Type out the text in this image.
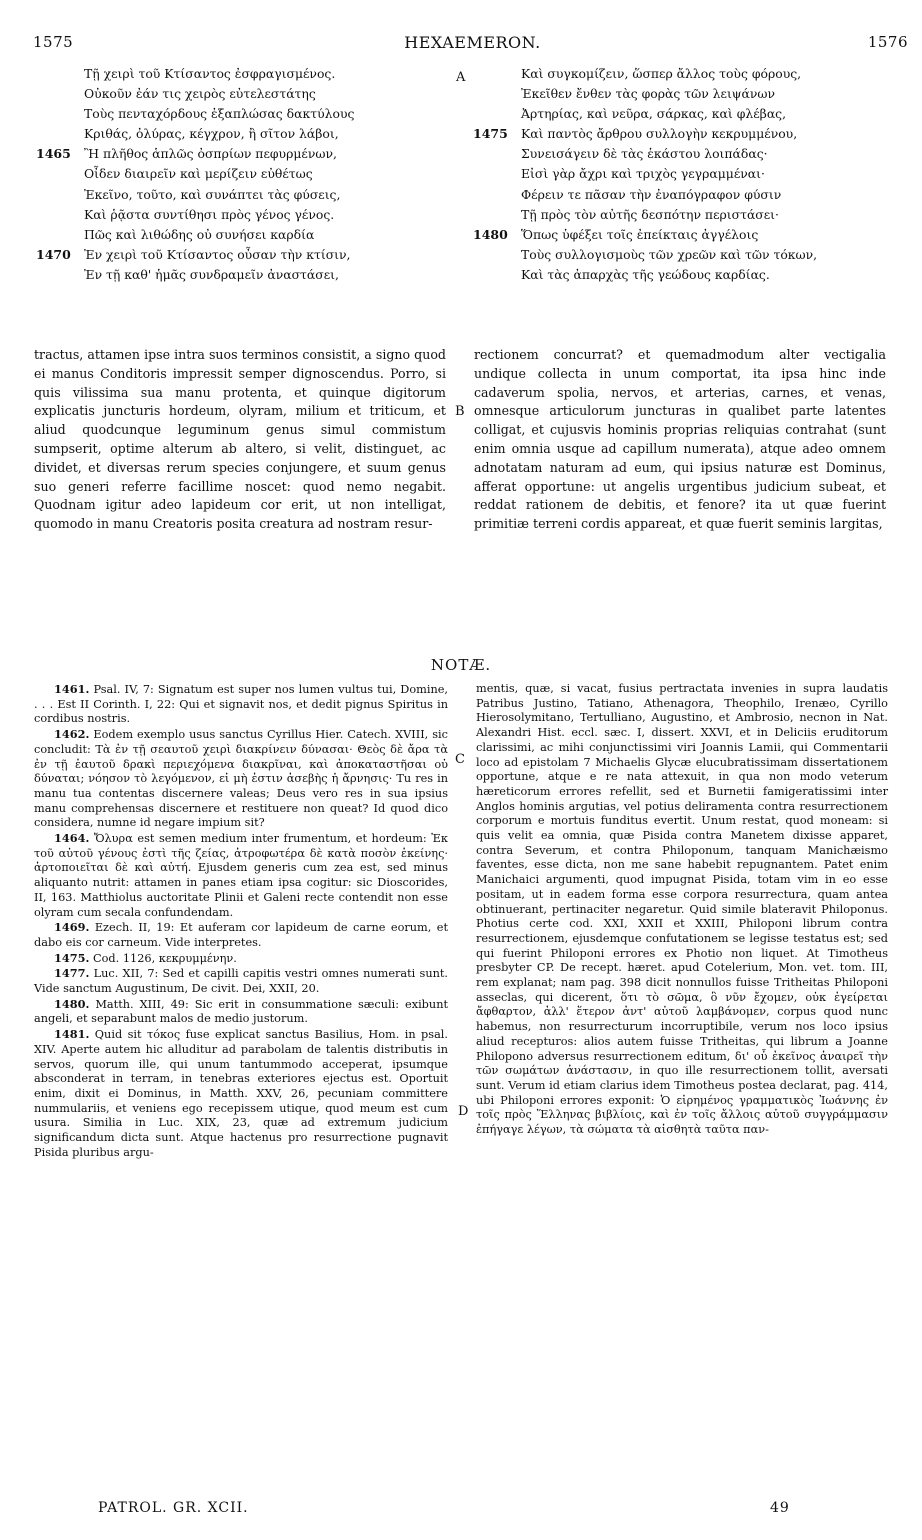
1575	HEXAEMERON.	1576
A
B
C
D
Τῇ χειρὶ τοῦ Κτίσαντος ἐσφραγισμένος.
Οὐκοῦν ἐάν τις χειρὸς εὐτελεστάτης
Τοὺς πενταχόρδους ἐξαπλώσας δακτύλους
Κριθάς, ὀλύρας, κέγχρον, ἢ σῖτον λάβοι,
1465 Ἢ πλῆθος ἁπλῶς ὀσπρίων πεφυρμένων,
Οἶδεν διαιρεῖν καὶ μερίζειν εὐθέτως
Ἐκεῖνο, τοῦτο, καὶ συνάπτει τὰς φύσεις,
Καὶ ῥᾷστα συντίθησι πρὸς γένος γένος.
Πῶς καὶ λιθώδης οὐ συνήσει καρδία
1470 Ἐν χειρὶ τοῦ Κτίσαντος οὖσαν τὴν κτίσιν,
Ἐν τῇ καθ' ἡμᾶς συνδραμεῖν ἀναστάσει,
Καὶ συγκομίζειν, ὥσπερ ἄλλος τοὺς φόρους,
Ἐκεῖθεν ἔνθεν τὰς φορὰς τῶν λειψάνων
Ἀρτηρίας, καὶ νεῦρα, σάρκας, καὶ φλέβας,
1475 Καὶ παντὸς ἄρθρου συλλογὴν κεκρυμμένου,
Συνεισάγειν δὲ τὰς ἑκάστου λοιπάδας·
Εἰσὶ γὰρ ἄχρι καὶ τριχὸς γεγραμμέναι·
Φέρειν τε πᾶσαν τὴν ἐναπόγραφον φύσιν
Τῇ πρὸς τὸν αὐτῆς δεσπότην περιστάσει·
1480 Ὅπως ὑφέξει τοῖς ἐπείκταις ἀγγέλοις
Τοὺς συλλογισμοὺς τῶν χρεῶν καὶ τῶν τόκων,
Καὶ τὰς ἀπαρχὰς τῆς γεώδους καρδίας.

tractus, attamen ipse intra suos terminos consistit, a signo quod ei manus Conditoris impressit semper dignoscendus. Porro, si quis vilissima sua manu protenta, et quinque digitorum explicatis juncturis hordeum, olyram, milium et triticum, et aliud quodcunque leguminum genus simul commistum sumpserit, optime alterum ab altero, si velit, distinguet, ac dividet, et diversas rerum species conjungere, et suum genus suo generi referre facillime noscet: quod nemo negabit. Quodnam igitur adeo lapideum cor erit, ut non intelligat, quomodo in manu Creatoris posita creatura ad nostram resur-

rectionem concurrat? et quemadmodum alter vectigalia undique collecta in unum comportat, ita ipsa hinc inde cadaverum spolia, nervos, et arterias, carnes, et venas, omnesque articulorum juncturas in qualibet parte latentes colligat, et cujusvis hominis proprias reliquias contrahat (sunt enim omnia usque ad capillum numerata), atque adeo omnem adnotatam naturam ad eum, qui ipsius naturæ est Dominus, afferat opportune: ut angelis urgentibus judicium subeat, et reddat rationem de debitis, et fenore? ita ut quæ fuerint primitiæ terreni cordis appareat, et quæ fuerit seminis largitas,

NOTÆ.

1461. Psal. IV, 7: Signatum est super nos lumen vultus tui, Domine, . . . Est II Corinth. I, 22: Qui et signavit nos, et dedit pignus Spiritus in cordibus nostris.

1462. Eodem exemplo usus sanctus Cyrillus Hier. Catech. XVIII, sic concludit: Τὰ ἐν τῇ σεαυτοῦ χειρὶ διακρίνειν δύνασαι· Θεὸς δὲ ἄρα τὰ ἐν τῇ ἑαυτοῦ δρακὶ περιεχόμενα διακρῖναι, καὶ ἀποκαταστῆσαι οὐ δύναται; νόησον τὸ λεγόμενον, εἰ μὴ ἐστιν ἀσεβὴς ἡ ἄρνησις· Tu res in manu tua contentas discernere valeas; Deus vero res in sua ipsius manu comprehensas discernere et restituere non queat? Id quod dico considera, numne id negare impium sit?

1464. Ὄλυρα est semen medium inter frumentum, et hordeum: Ἐκ τοῦ αὐτοῦ γένους ἐστὶ τῆς ζείας, ἀτροφωτέρα δὲ κατὰ ποσὸν ἐκείνης· ἀρτοποιεῖται δὲ καὶ αὐτή. Ejusdem generis cum zea est, sed minus aliquanto nutrit: attamen in panes etiam ipsa cogitur: sic Dioscorides, II, 163. Matthiolus auctoritate Plinii et Galeni recte contendit non esse olyram cum secala confundendam.

1469. Ezech. II, 19: Et auferam cor lapideum de carne eorum, et dabo eis cor carneum. Vide interpretes.

1475. Cod. 1126, κεκρυμμένην.

1477. Luc. XII, 7: Sed et capilli capitis vestri omnes numerati sunt. Vide sanctum Augustinum, De civit. Dei, XXII, 20.

1480. Matth. XIII, 49: Sic erit in consummatione sæculi: exibunt angeli, et separabunt malos de medio justorum.

1481. Quid sit τόκος fuse explicat sanctus Basilius, Hom. in psal. XIV. Aperte autem hic alluditur ad parabolam de talentis distributis in servos, quorum ille, qui unum tantummodo acceperat, ipsumque absconderat in terram, in tenebras exteriores ejectus est. Oportuit enim, dixit ei Dominus, in Matth. XXV, 26, pecuniam committere nummulariis, et veniens ego recepissem utique, quod meum est cum usura. Similia in Luc. XIX, 23, quæ ad extremum judicium significandum dicta sunt. Atque hactenus pro resurrectione pugnavit Pisida pluribus argu-

mentis, quæ, si vacat, fusius pertractata invenies in supra laudatis Patribus Justino, Tatiano, Athenagora, Theophilo, Irenæo, Cyrillo Hierosolymitano, Tertulliano, Augustino, et Ambrosio, necnon in Nat. Alexandri Hist. eccl. sæc. I, dissert. XXVI, et in Deliciis eruditorum clarissimi, ac mihi conjunctissimi viri Joannis Lamii, qui Commentarii loco ad epistolam 7 Michaelis Glycæ elucubratissimam dissertationem opportune, atque e re nata attexuit, in qua non modo veterum hæreticorum errores refellit, sed et Burnetii famigeratissimi inter Anglos hominis argutias, vel potius deliramenta contra resurrectionem corporum e mortuis funditus evertit. Unum restat, quod moneam: si quis velit ea omnia, quæ Pisida contra Manetem dixisse apparet, contra Severum, et contra Philoponum, tanquam Manichæismo faventes, esse dicta, non me sane habebit repugnantem. Patet enim Manichaici argumenti, quod impugnat Pisida, totam vim in eo esse positam, ut in eadem forma esse corpora resurrectura, quam antea obtinuerant, pertinaciter negaretur. Quid simile blateravit Philoponus. Photius certe cod. XXI, XXII et XXIII, Philoponi librum contra resurrectionem, ejusdemque confutationem se legisse testatus est; sed qui fuerint Philoponi errores ex Photio non liquet. At Timotheus presbyter CP. De recept. hæret. apud Cotelerium, Mon. vet. tom. III, rem explanat; nam pag. 398 dicit nonnullos fuisse Tritheitas Philoponi asseclas, qui dicerent, ὅτι τὸ σῶμα, ὃ νῦν ἔχομεν, οὐκ ἐγείρεται ἄφθαρτον, ἀλλ' ἕτερον ἀντ' αὐτοῦ λαμβάνομεν, corpus quod nunc habemus, non resurrecturum incorruptibile, verum nos loco ipsius aliud recepturos: alios autem fuisse Tritheitas, qui librum a Joanne Philopono adversus resurrectionem editum, δι' οὗ ἐκεῖνος ἀναιρεῖ τὴν τῶν σωμάτων ἀνάστασιν, in quo ille resurrectionem tollit, aversati sunt. Verum id etiam clarius idem Timotheus postea declarat, pag. 414, ubi Philoponi errores exponit: Ὁ εἰρημένος γραμματικὸς Ἰωάννης ἐν τοῖς πρὸς Ἕλληνας βιβλίοις, καὶ ἐν τοῖς ἄλλοις αὐτοῦ συγγράμμασιν ἐπήγαγε λέγων, τὰ σώματα τὰ αἰσθητὰ ταῦτα παν-

PATROL. GR. XCII.	49
